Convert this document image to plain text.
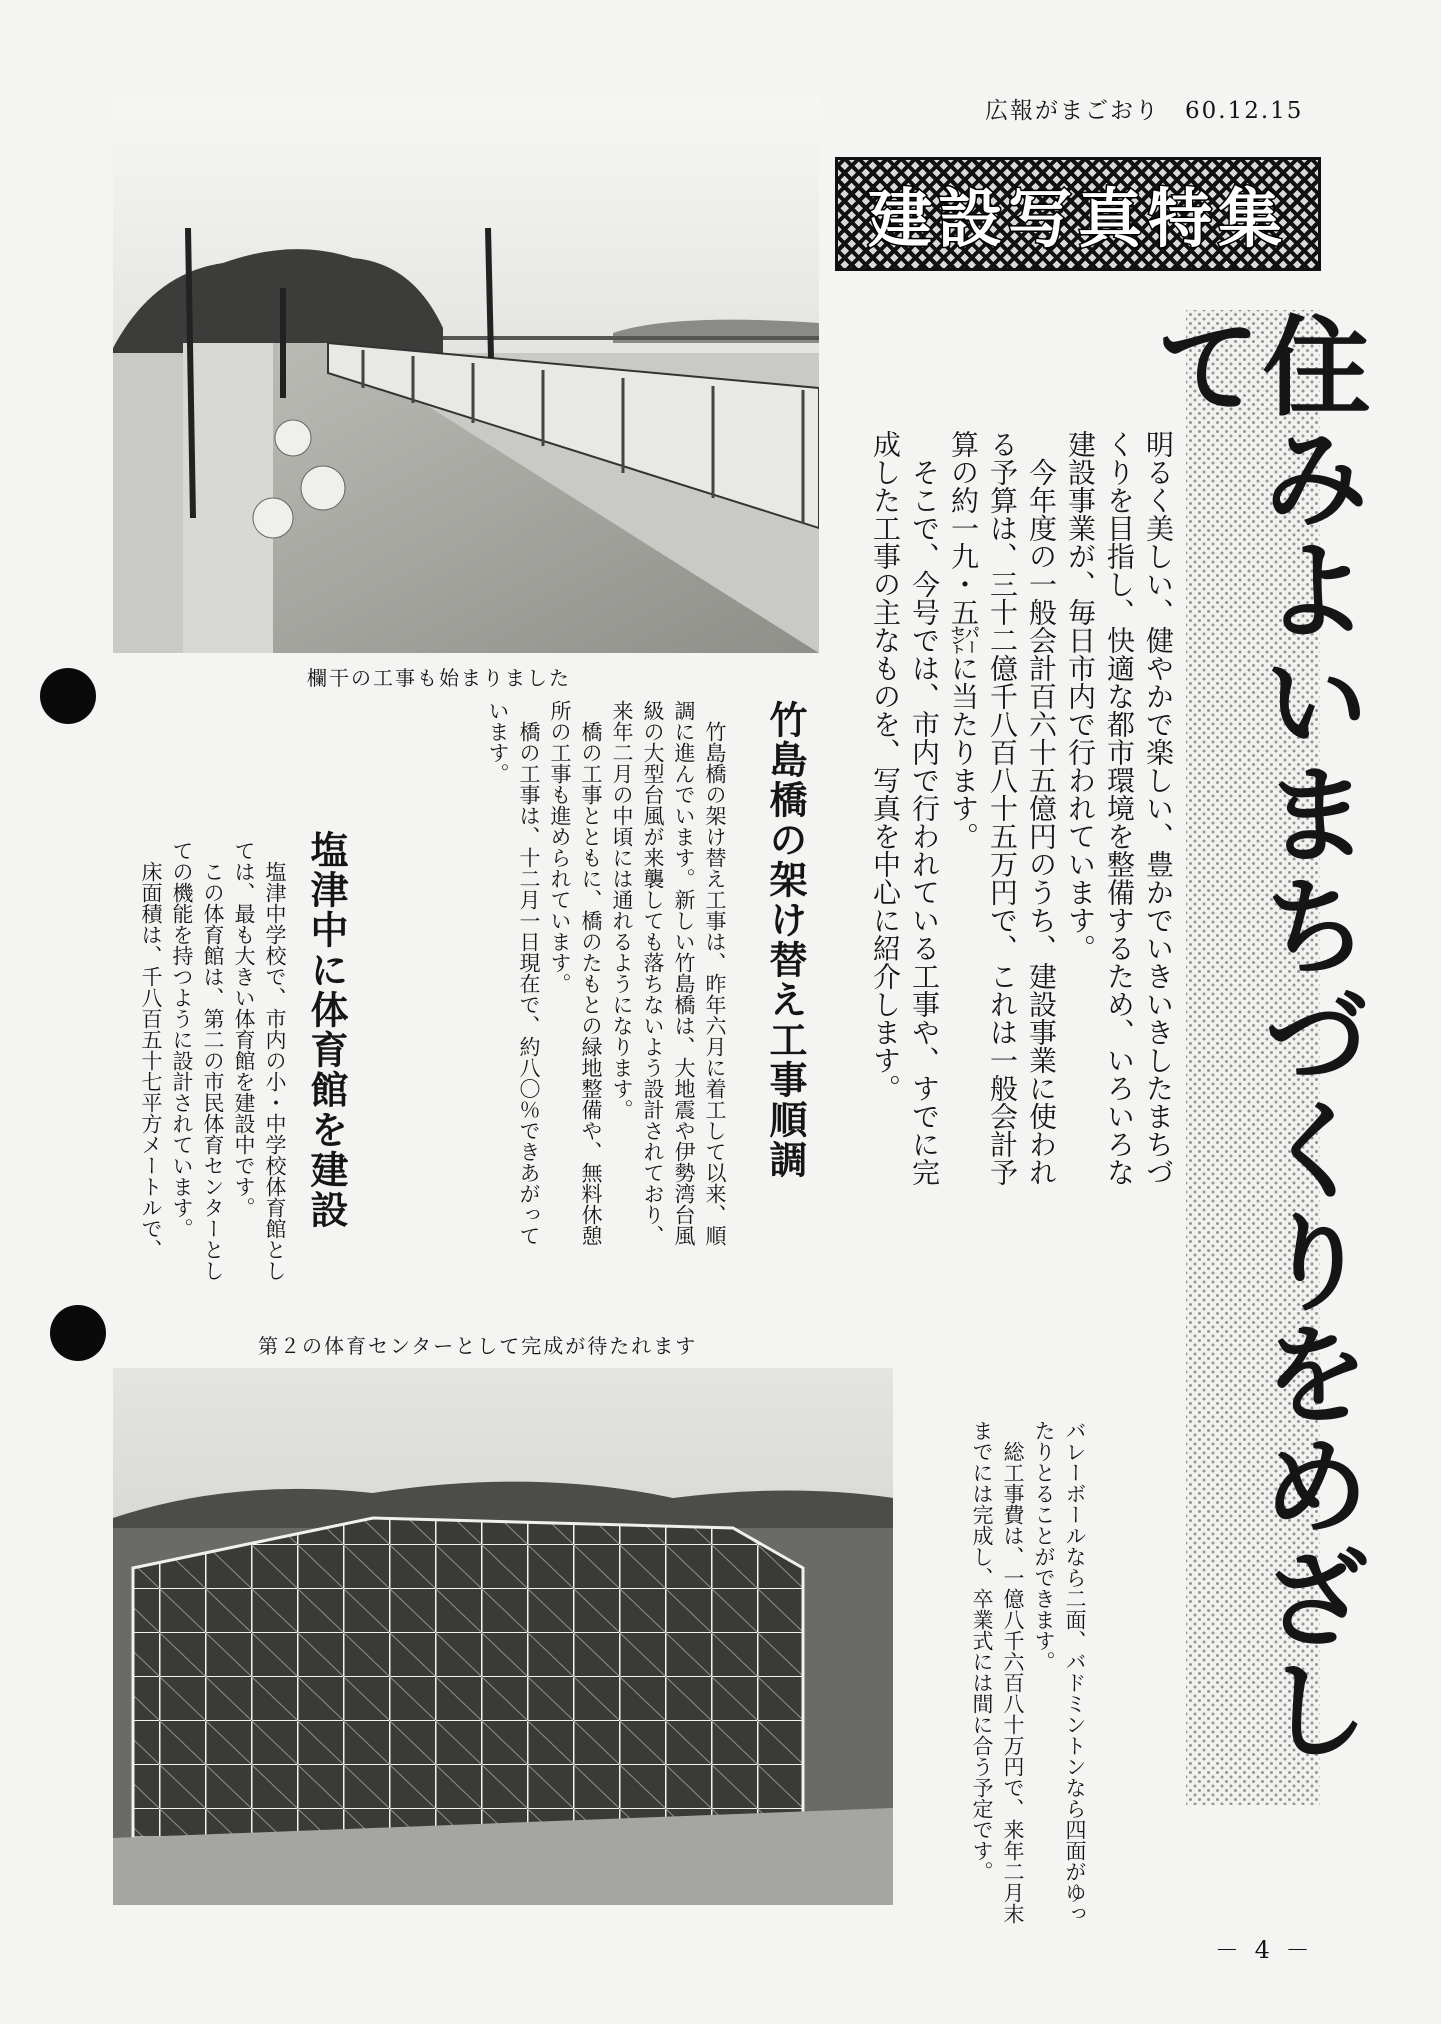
広報がまごおり　60.12.15
建設写真特集
住みよいまちづくりをめざして

明るく美しい、健やかで楽しい、豊かでいきいきしたまちづくりを目指し、快適な都市環境を整備するため、いろいろな建設事業が、毎日市内で行われています。

今年度の一般会計百六十五億円のうち、建設事業に使われる予算は、三十二億千八百八十五万円で、これは一般会計予算の約一九・五㌫に当たります。

そこで、今号では、市内で行われている工事や、すでに完成した工事の主なものを、写真を中心に紹介します。

欄干の工事も始まりました
竹島橋の架け替え工事順調

竹島橋の架け替え工事は、昨年六月に着工して以来、順調に進んでいます。新しい竹島橋は、大地震や伊勢湾台風級の大型台風が来襲しても落ちないよう設計されており、来年二月の中頃には通れるようになります。

橋の工事とともに、橋のたもとの緑地整備や、無料休憩所の工事も進められています。

橋の工事は、十二月一日現在で、約八〇％できあがっています。

塩津中に体育館を建設

塩津中学校で、市内の小・中学校体育館としては、最も大きい体育館を建設中です。

この体育館は、第二の市民体育センターとしての機能を持つように設計されています。

床面積は、千八百五十七平方メートルで、

第２の体育センターとして完成が待たれます

バレーボールなら二面、バドミントンなら四面がゆったりとることができます。

総工事費は、一億八千六百八十万円で、来年二月末までには完成し、卒業式には間に合う予定です。

－ 4 －
